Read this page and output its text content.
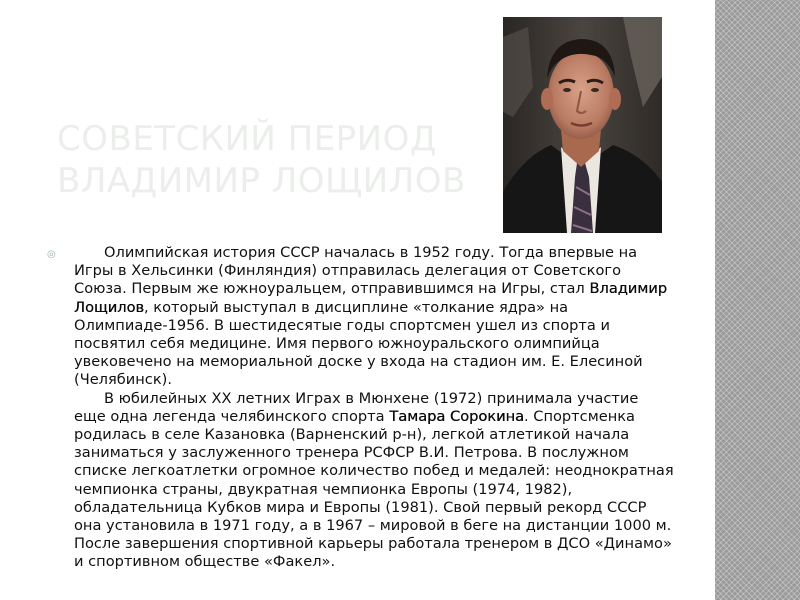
СОВЕТСКИЙ ПЕРИОД
ВЛАДИМИР ЛОЩИЛОВ
◎	Олимпийская история СССР началась в 1952 году. Тогда впервые на Игры в Хельсинки (Финляндия) отправилась делегация от Советского Союза. Первым же южноуральцем, отправившимся на Игры, стал Владимир Лощилов, который выступал в дисциплине «толкание ядра» на Олимпиаде-1956. В шестидесятые годы спортсмен ушел из спорта и посвятил себя медицине. Имя первого южноуральского олимпийца увековечено на мемориальной доске у входа на стадион им. Е. Елесиной (Челябинск).

В юбилейных XX летних Играх в Мюнхене (1972) принимала участие еще одна легенда челябинского спорта Тамара Сорокина. Спортсменка родилась в селе Казановка (Варненский р-н), легкой атлетикой начала заниматься у заслуженного тренера РСФСР В.И. Петрова. В послужном списке легкоатлетки огромное количество побед и медалей: неоднократная чемпионка страны, двукратная чемпионка Европы (1974, 1982), обладательница Кубков мира и Европы (1981). Свой первый рекорд СССР она установила в 1971 году, а в 1967 – мировой в беге на дистанции 1000 м. После завершения спортивной карьеры работала тренером в ДСО «Динамо» и спортивном обществе «Факел».
